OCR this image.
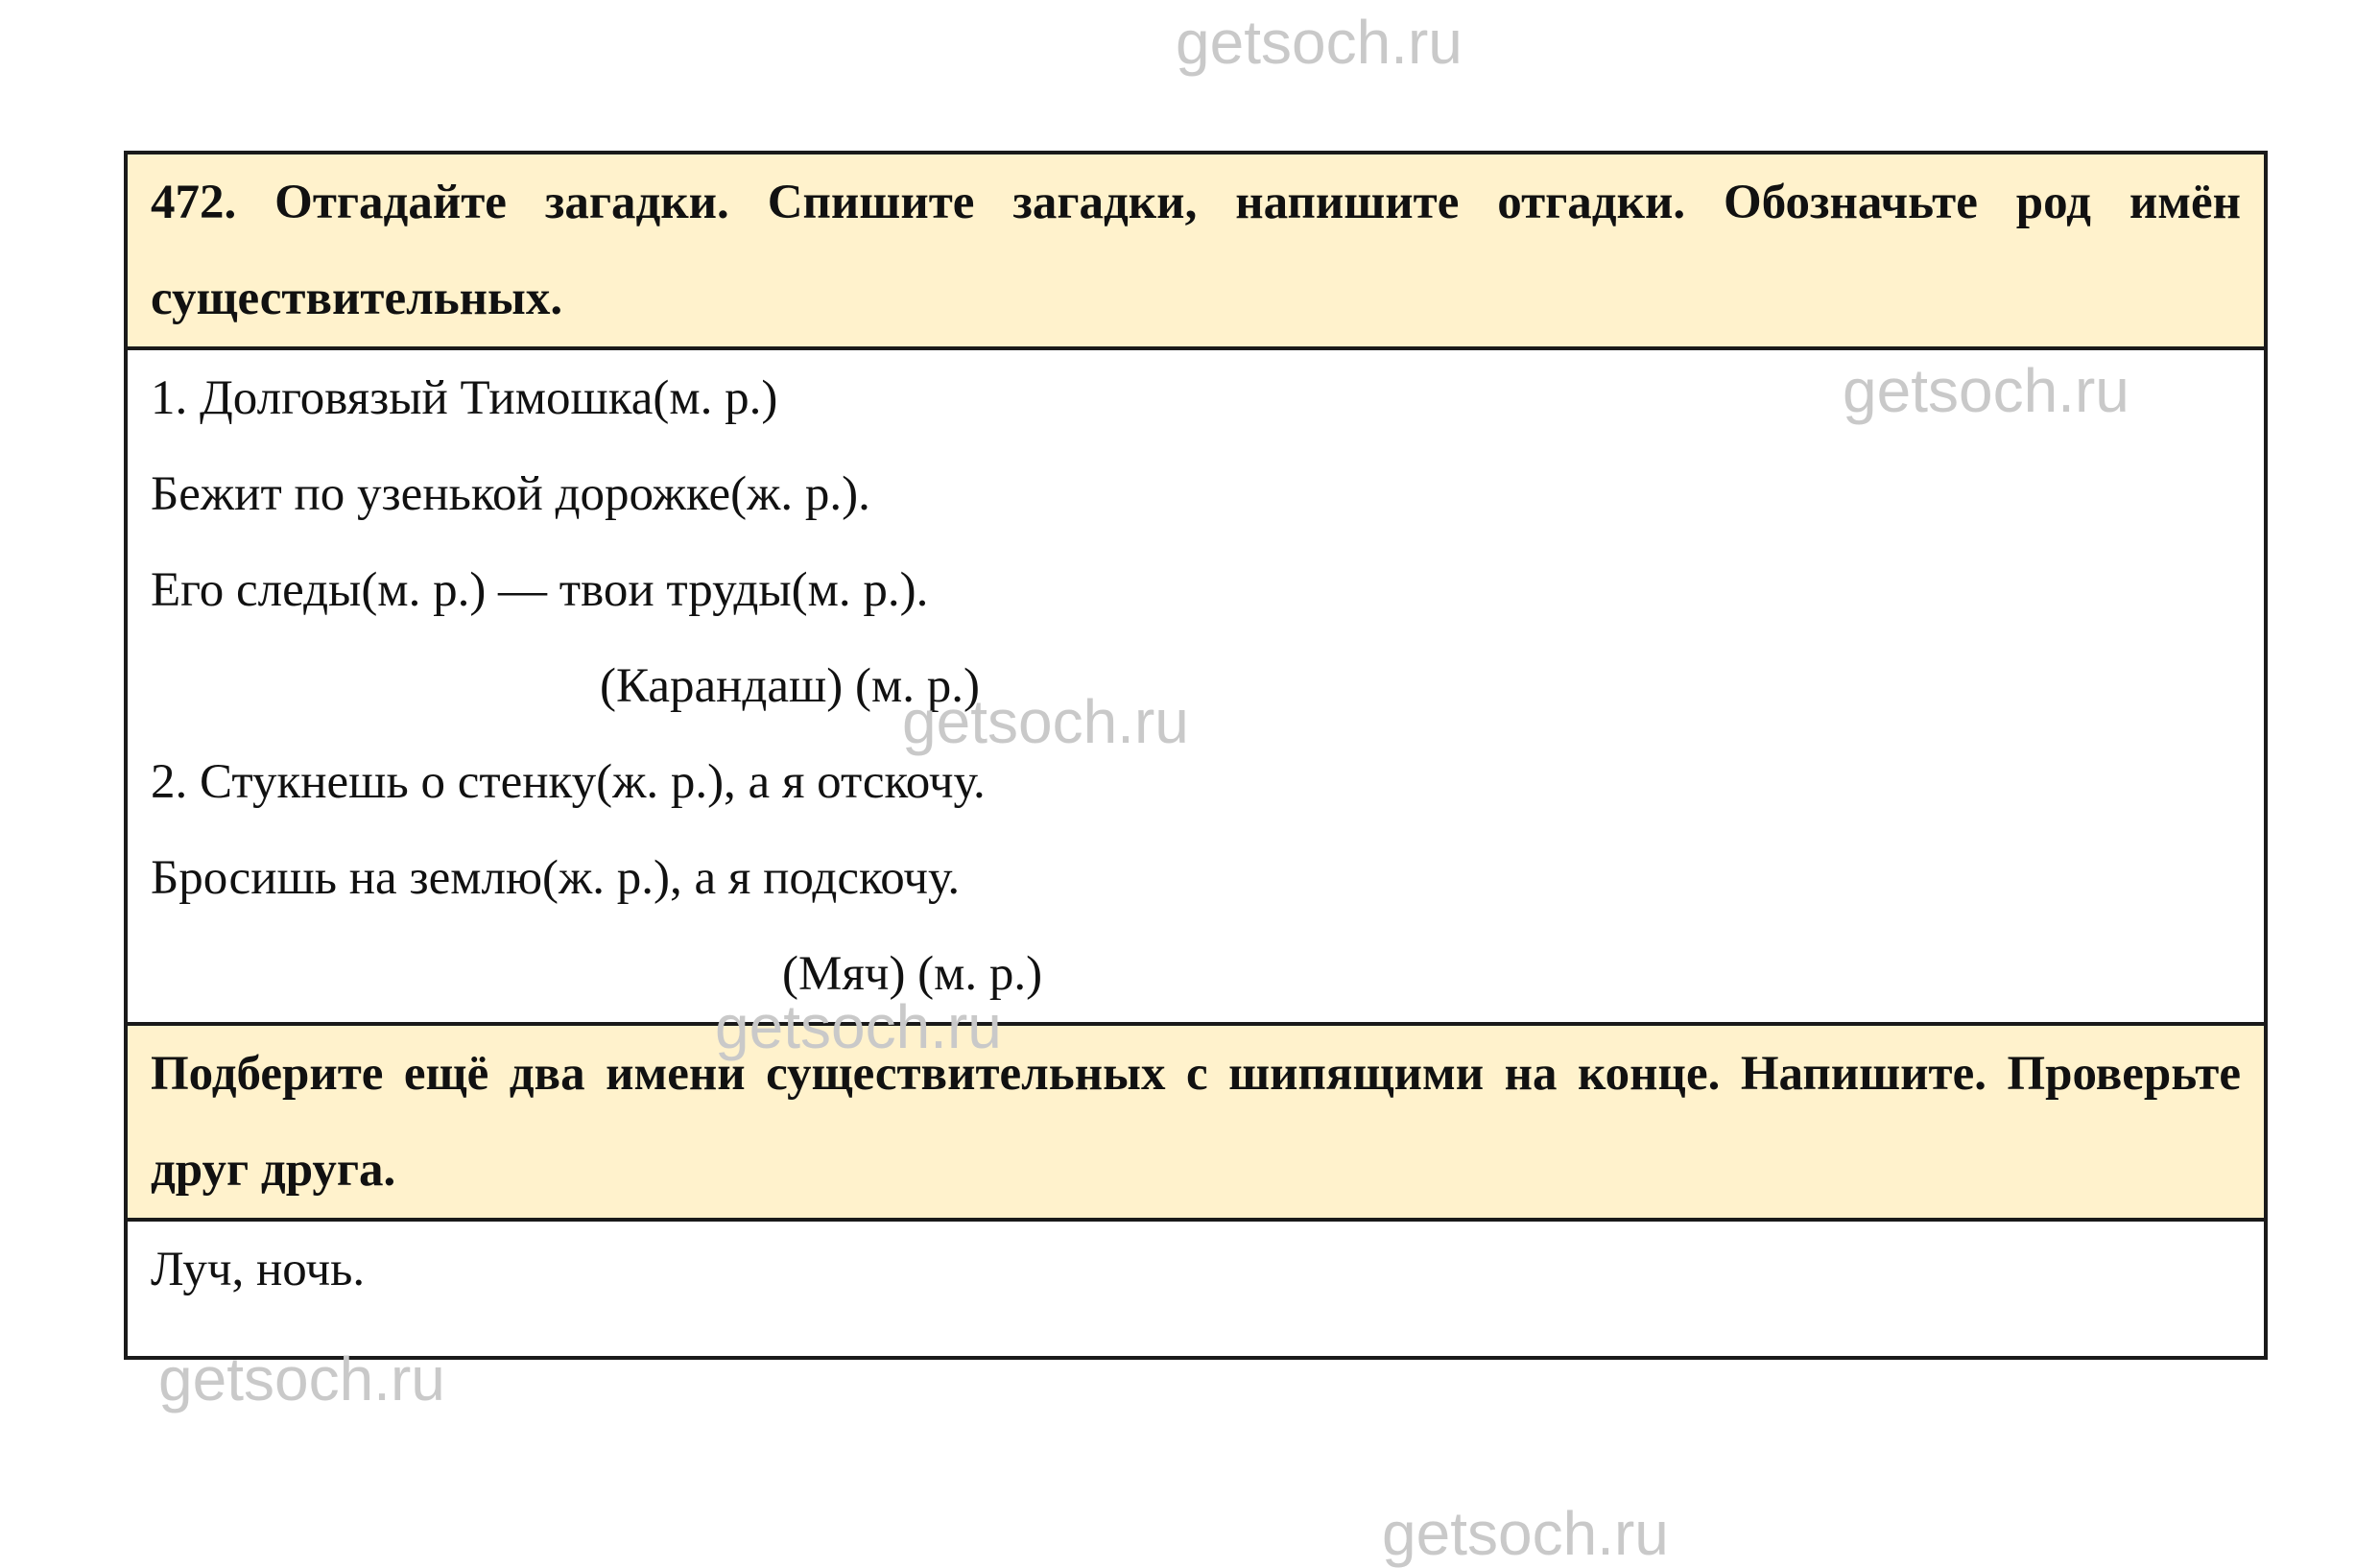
getsoch.ru
472. Отгадайте загадки. Спишите загадки, напишите отгадки. Обозначьте род имён существительных.

1. Долговязый Тимошка(м. р.)
Бежит по узенькой дорожке(ж. р.).
Его следы(м. р.) — твои труды(м. р.).
(Карандаш) (м. р.)
2. Стукнешь о стенку(ж. р.), а я отскочу.
Бросишь на землю(ж. р.), а я подскочу.
(Мяч) (м. р.)

Подберите ещё два имени существительных с шипящими на конце. Напишите. Проверьте друг друга.

Луч, ночь.
getsoch.ru
getsoch.ru
getsoch.ru
getsoch.ru
getsoch.ru
